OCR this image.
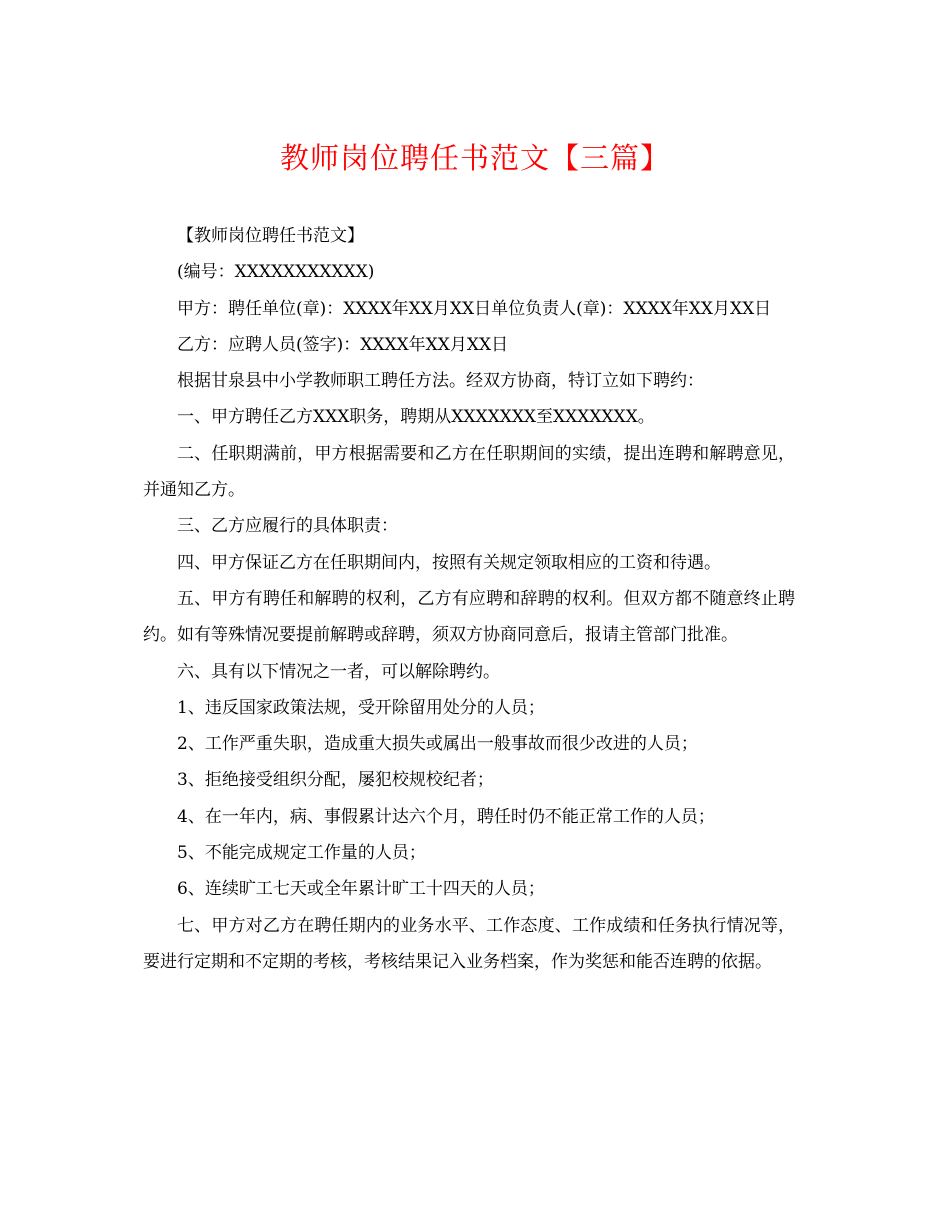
教师岗位聘任书范文【三篇】

【教师岗位聘任书范文】

(编号：XXXXXXXXXXX)

甲方：聘任单位(章)：XXXX年XX月XX日单位负责人(章)：XXXX年XX月XX日

乙方：应聘人员(签字)：XXXX年XX月XX日

根据甘泉县中小学教师职工聘任方法。经双方协商，特订立如下聘约：

一、甲方聘任乙方XXX职务，聘期从XXXXXXX至XXXXXXX。

二、任职期满前，甲方根据需要和乙方在任职期间的实绩，提出连聘和解聘意见，并通知乙方。

三、乙方应履行的具体职责：

四、甲方保证乙方在任职期间内，按照有关规定领取相应的工资和待遇。

五、甲方有聘任和解聘的权利，乙方有应聘和辞聘的权利。但双方都不随意终止聘约。如有等殊情况要提前解聘或辞聘，须双方协商同意后，报请主管部门批准。

六、具有以下情况之一者，可以解除聘约。

1、违反国家政策法规，受开除留用处分的人员；

2、工作严重失职，造成重大损失或属出一般事故而很少改进的人员；

3、拒绝接受组织分配，屡犯校规校纪者；

4、在一年内，病、事假累计达六个月，聘任时仍不能正常工作的人员；

5、不能完成规定工作量的人员；

6、连续旷工七天或全年累计旷工十四天的人员；

七、甲方对乙方在聘任期内的业务水平、工作态度、工作成绩和任务执行情况等，要进行定期和不定期的考核，考核结果记入业务档案，作为奖惩和能否连聘的依据。
